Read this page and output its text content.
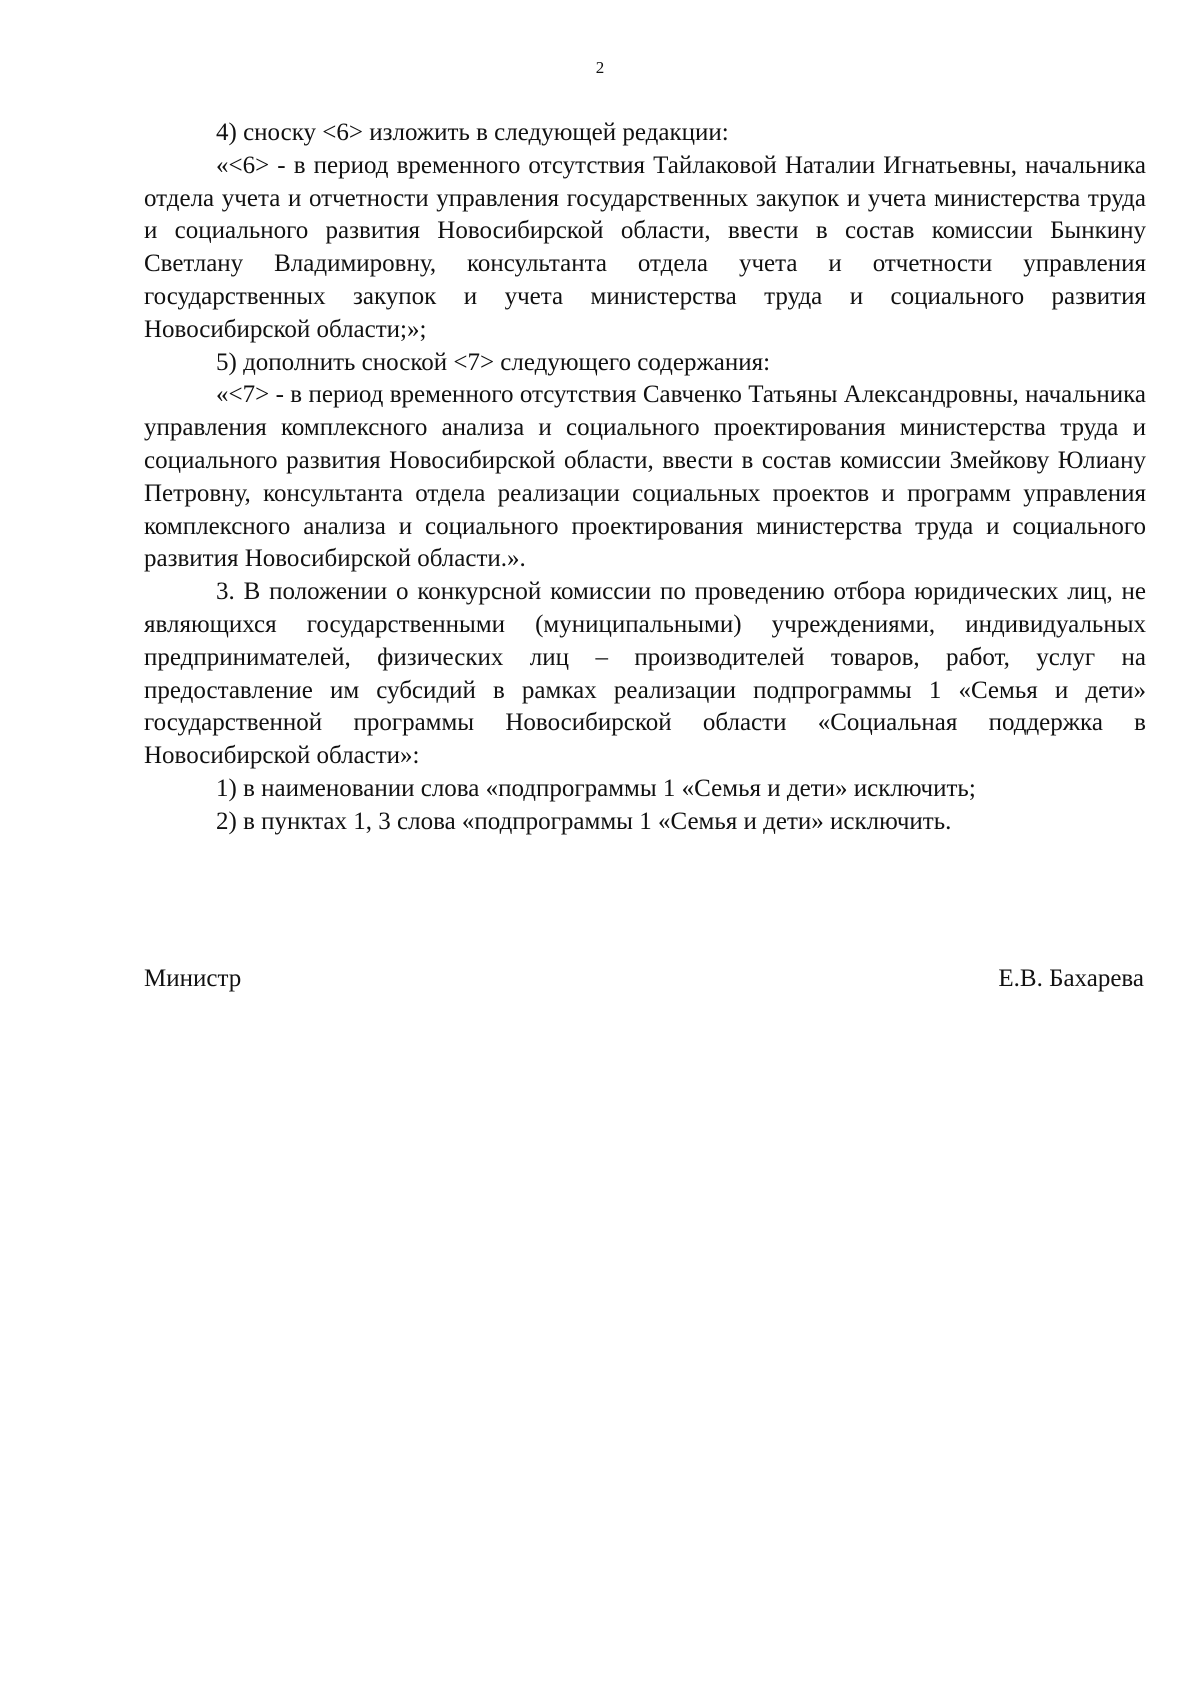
2

4) сноску <6> изложить в следующей редакции:

«<6> - в период временного отсутствия Тайлаковой Наталии Игнатьевны, начальника отдела учета и отчетности управления государственных закупок и учета министерства труда и социального развития Новосибирской области, ввести в состав комиссии Бынкину Светлану Владимировну, консультанта отдела учета и отчетности управления государственных закупок и учета министерства труда и социального развития Новосибирской области;»;

5) дополнить сноской <7> следующего содержания:

«<7> - в период временного отсутствия Савченко Татьяны Александровны, начальника управления комплексного анализа и социального проектирования министерства труда и социального развития Новосибирской области, ввести в состав комиссии Змейкову Юлиану Петровну, консультанта отдела реализации социальных проектов и программ управления комплексного анализа и социального проектирования министерства труда и социального развития Новосибирской области.».

3. В положении о конкурсной комиссии по проведению отбора юридических лиц, не являющихся государственными (муниципальными) учреждениями, индивидуальных предпринимателей, физических лиц – производителей товаров, работ, услуг на предоставление им субсидий в рамках реализации подпрограммы 1 «Семья и дети» государственной программы Новосибирской области «Социальная поддержка в Новосибирской области»:

1) в наименовании слова «подпрограммы 1 «Семья и дети» исключить;

2) в пунктах 1, 3 слова «подпрограммы 1 «Семья и дети» исключить.

Министр	Е.В. Бахарева
